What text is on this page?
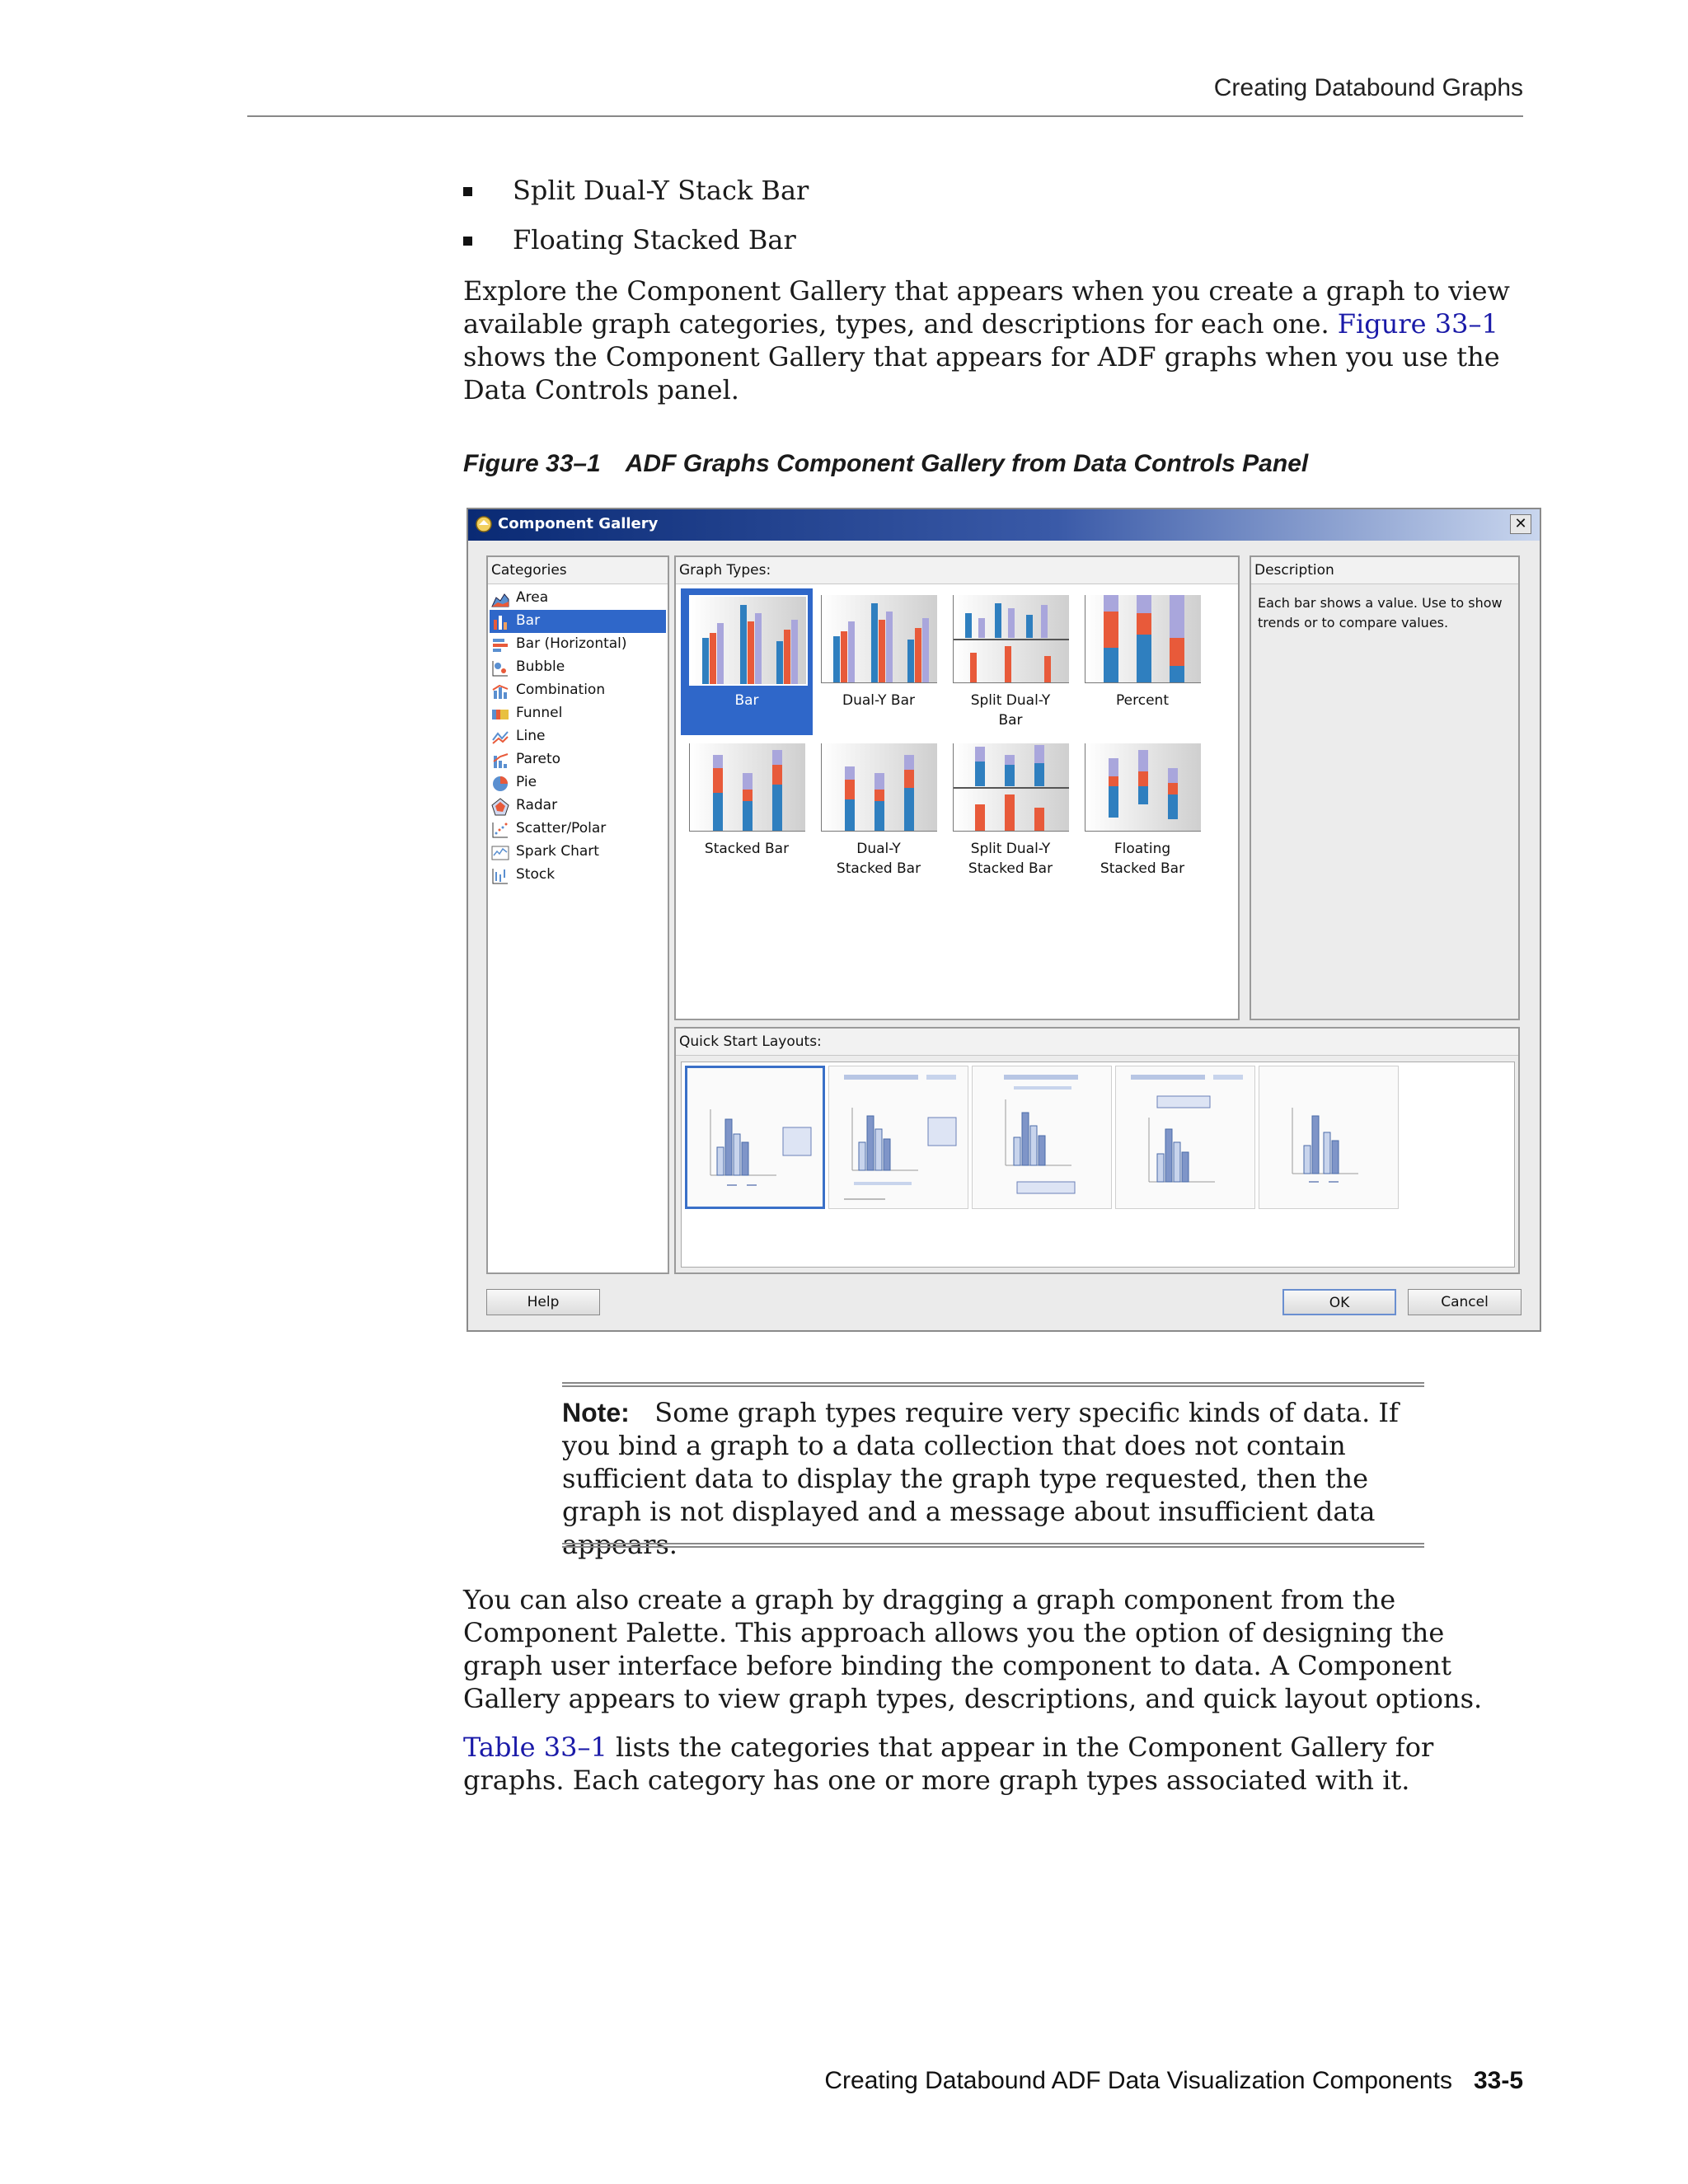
Creating Databound Graphs
Split Dual-Y Stack Bar
Floating Stacked Bar
Explore the Component Gallery that appears when you create a graph to view available graph categories, types, and descriptions for each one. Figure 33–1 shows the Component Gallery that appears for ADF graphs when you use the Data Controls panel.
Figure 33–1 ADF Graphs Component Gallery from Data Controls Panel
Component Gallery	✕
Categories
Area
Bar
Bar (Horizontal)
Bubble
Combination
Funnel
Line
Pareto
Pie
Radar
Scatter/Polar
Spark Chart
Stock
Graph Types:
Bar	Dual-Y Bar	Split Dual-Y
Bar
Percent

Stacked Bar	Dual-Y
Stacked Bar
Split Dual-Y
Stacked Bar
Floating
Stacked Bar
Description
Each bar shows a value. Use to show trends or to compare values.
Quick Start Layouts:
Help	OK	Cancel
Note: Some graph types require very specific kinds of data. If you bind a graph to a data collection that does not contain sufficient data to display the graph type requested, then the graph is not displayed and a message about insufficient data appears.
You can also create a graph by dragging a graph component from the Component Palette. This approach allows you the option of designing the graph user interface before binding the component to data. A Component Gallery appears to view graph types, descriptions, and quick layout options.
Table 33–1 lists the categories that appear in the Component Gallery for graphs. Each category has one or more graph types associated with it.
Creating Databound ADF Data Visualization Components 33-5
